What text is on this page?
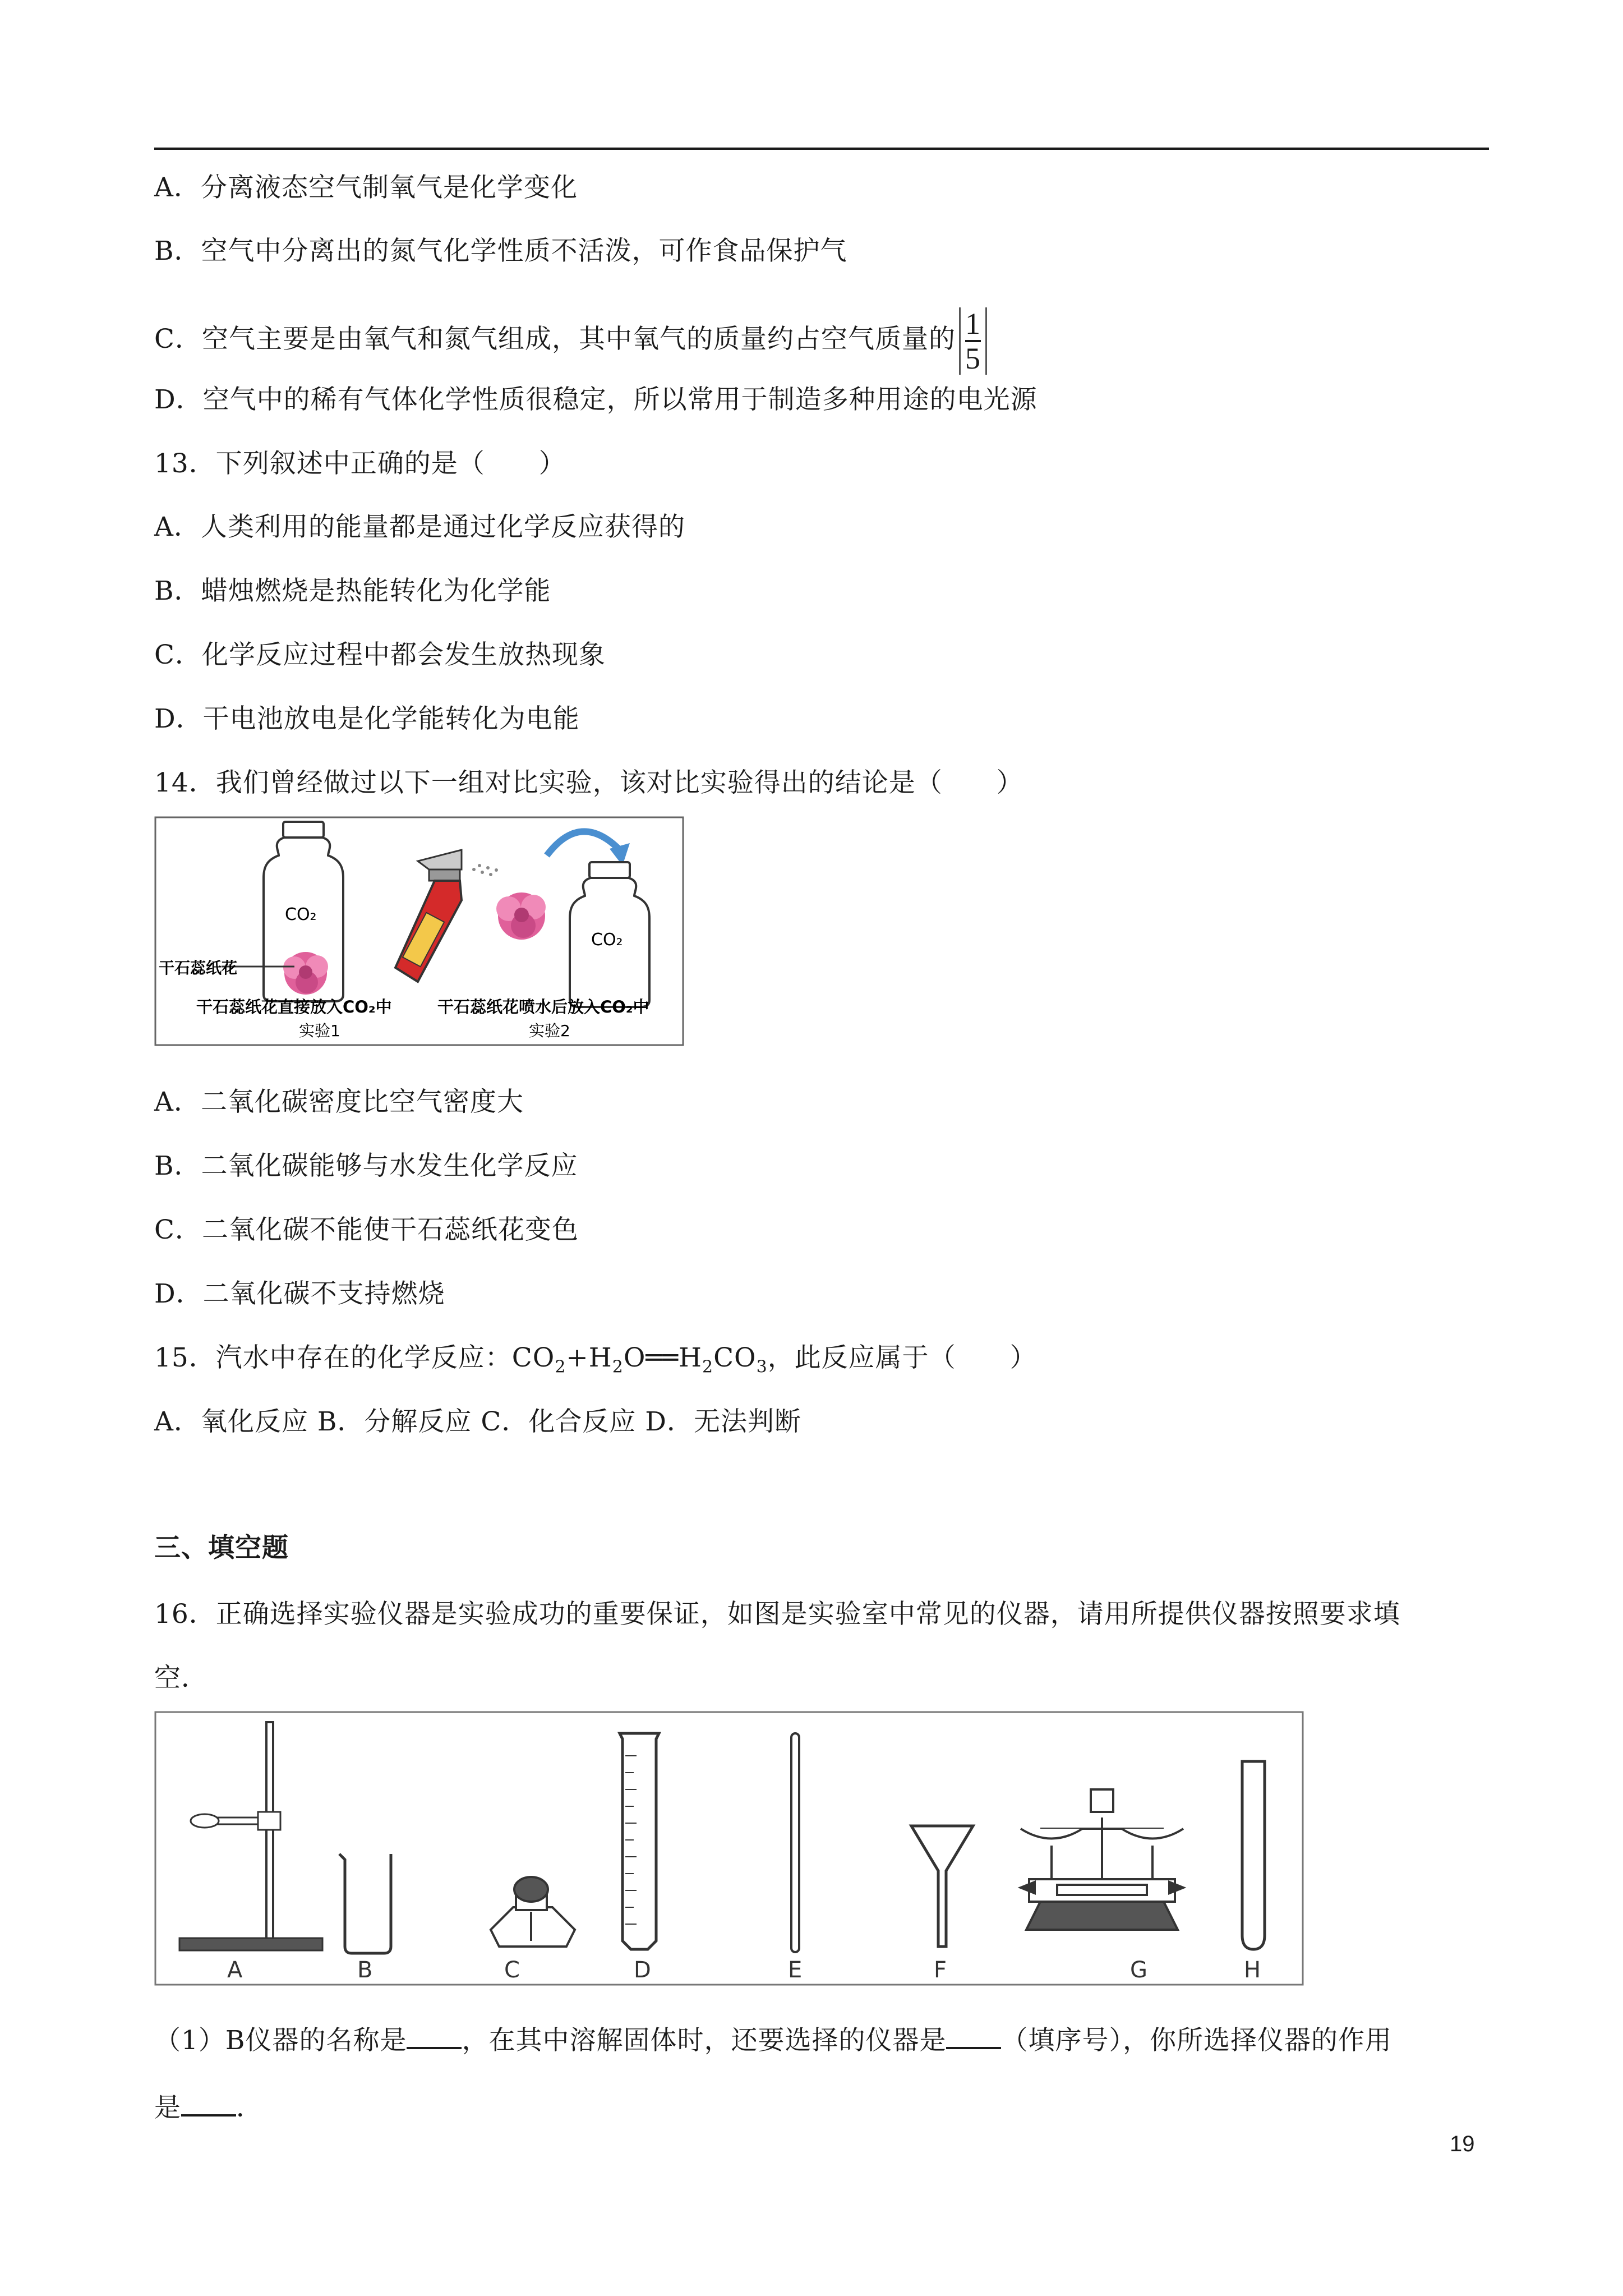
A．分离液态空气制氧气是化学变化
B．空气中分离出的氮气化学性质不活泼，可作食品保护气
C．空气主要是由氧气和氮气组成，其中氧气的质量约占空气质量的 $\frac{1}{5}$
D．空气中的稀有气体化学性质很稳定，所以常用于制造多种用途的电光源
13．下列叙述中正确的是（　　）
A．人类利用的能量都是通过化学反应获得的
B．蜡烛燃烧是热能转化为化学能
C．化学反应过程中都会发生放热现象
D．干电池放电是化学能转化为电能
14．我们曾经做过以下一组对比实验，该对比实验得出的结论是（　　）
CO₂
干石蕊纸花
干石蕊纸花直接放入CO₂中
实验1
CO₂
干石蕊纸花喷水后放入CO₂中
实验2
A．二氧化碳密度比空气密度大
B．二氧化碳能够与水发生化学反应
C．二氧化碳不能使干石蕊纸花变色
D．二氧化碳不支持燃烧
15．汽水中存在的化学反应：$CO_2+H_2O══H_2CO_3$，此反应属于（　　）
A．氧化反应 B．分解反应 C．化合反应 D．无法判断
三、填空题
16．正确选择实验仪器是实验成功的重要保证，如图是实验室中常见的仪器，请用所提供仪器按照要求填
空．
A	B	C	D	E	F	G	H
（1）B仪器的名称是 ，在其中溶解固体时，还要选择的仪器是 （填序号），你所选择仪器的作用
是 ．
19
